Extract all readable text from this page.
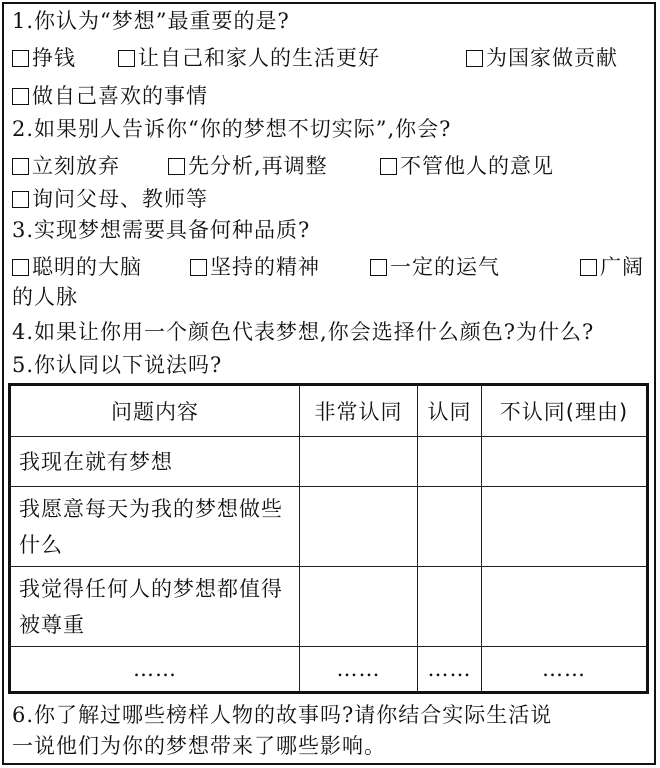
1.你认为“梦想”最重要的是?
挣钱	让自己和家人的生活更好	为国家做贡献
做自己喜欢的事情
2.如果别人告诉你“你的梦想不切实际”,你会?
立刻放弃	先分析,再调整	不管他人的意见
询问父母、教师等
3.实现梦想需要具备何种品质?
聪明的大脑	坚持的精神	一定的运气	广阔
的人脉
4.如果让你用一个颜色代表梦想,你会选择什么颜色?为什么?
5.你认同以下说法吗?
问题内容	非常认同	认同	不认同(理由)
我现在就有梦想			
我愿意每天为我的梦想做些什么			
我觉得任何人的梦想都值得被尊重			
……	……	……	……
6.你了解过哪些榜样人物的故事吗?请你结合实际生活说
一说他们为你的梦想带来了哪些影响。
